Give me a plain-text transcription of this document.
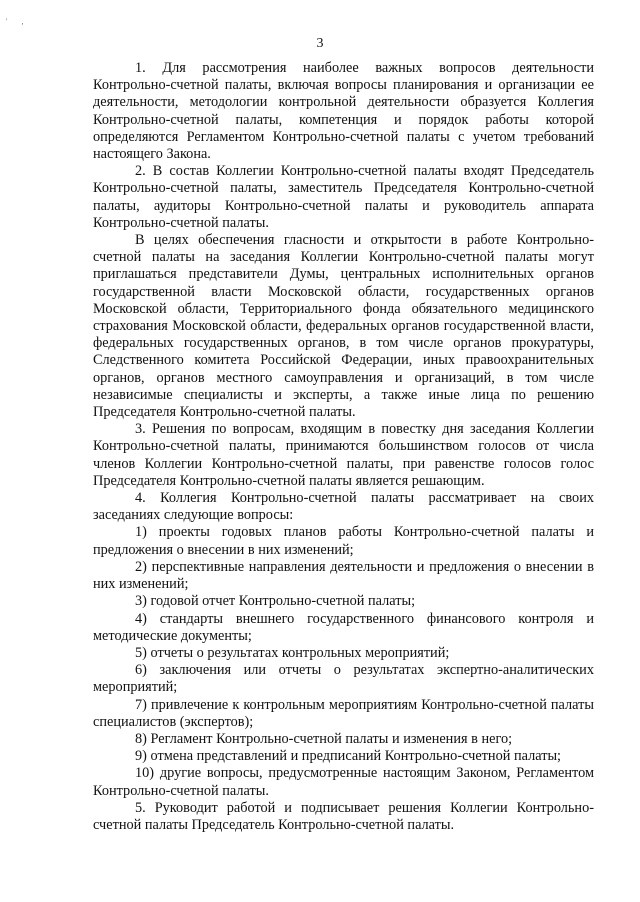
' ,
3

1. Для рассмотрения наиболее важных вопросов деятельности Контрольно-счетной палаты, включая вопросы планирования и организации ее деятельности, методологии контрольной деятельности образуется Коллегия Контрольно-счетной палаты, компетенция и порядок работы которой определяются Регламентом Контрольно-счетной палаты с учетом требований настоящего Закона.

2. В состав Коллегии Контрольно-счетной палаты входят Председатель Контрольно-счетной палаты, заместитель Председателя Контрольно-счетной палаты, аудиторы Контрольно-счетной палаты и руководитель аппарата Контрольно-счетной палаты.

В целях обеспечения гласности и открытости в работе Контрольно-счетной палаты на заседания Коллегии Контрольно-счетной палаты могут приглашаться представители Думы, центральных исполнительных органов государственной власти Московской области, государственных органов Московской области, Территориального фонда обязательного медицинского страхования Московской области, федеральных органов государственной власти, федеральных государственных органов, в том числе органов прокуратуры, Следственного комитета Российской Федерации, иных правоохранительных органов, органов местного самоуправления и организаций, в том числе независимые специалисты и эксперты, а также иные лица по решению Председателя Контрольно-счетной палаты.

3. Решения по вопросам, входящим в повестку дня заседания Коллегии Контрольно-счетной палаты, принимаются большинством голосов от числа членов Коллегии Контрольно-счетной палаты, при равенстве голосов голос Председателя Контрольно-счетной палаты является решающим.

4. Коллегия Контрольно-счетной палаты рассматривает на своих заседаниях следующие вопросы:

1) проекты годовых планов работы Контрольно-счетной палаты и предложения о внесении в них изменений;

2) перспективные направления деятельности и предложения о внесении в них изменений;

3) годовой отчет Контрольно-счетной палаты;

4) стандарты внешнего государственного финансового контроля и методические документы;

5) отчеты о результатах контрольных мероприятий;

6) заключения или отчеты о результатах экспертно-аналитических мероприятий;

7) привлечение к контрольным мероприятиям Контрольно-счетной палаты специалистов (экспертов);

8) Регламент Контрольно-счетной палаты и изменения в него;

9) отмена представлений и предписаний Контрольно-счетной палаты;

10) другие вопросы, предусмотренные настоящим Законом, Регламентом Контрольно-счетной палаты.

5. Руководит работой и подписывает решения Коллегии Контрольно-счетной палаты Председатель Контрольно-счетной палаты.
